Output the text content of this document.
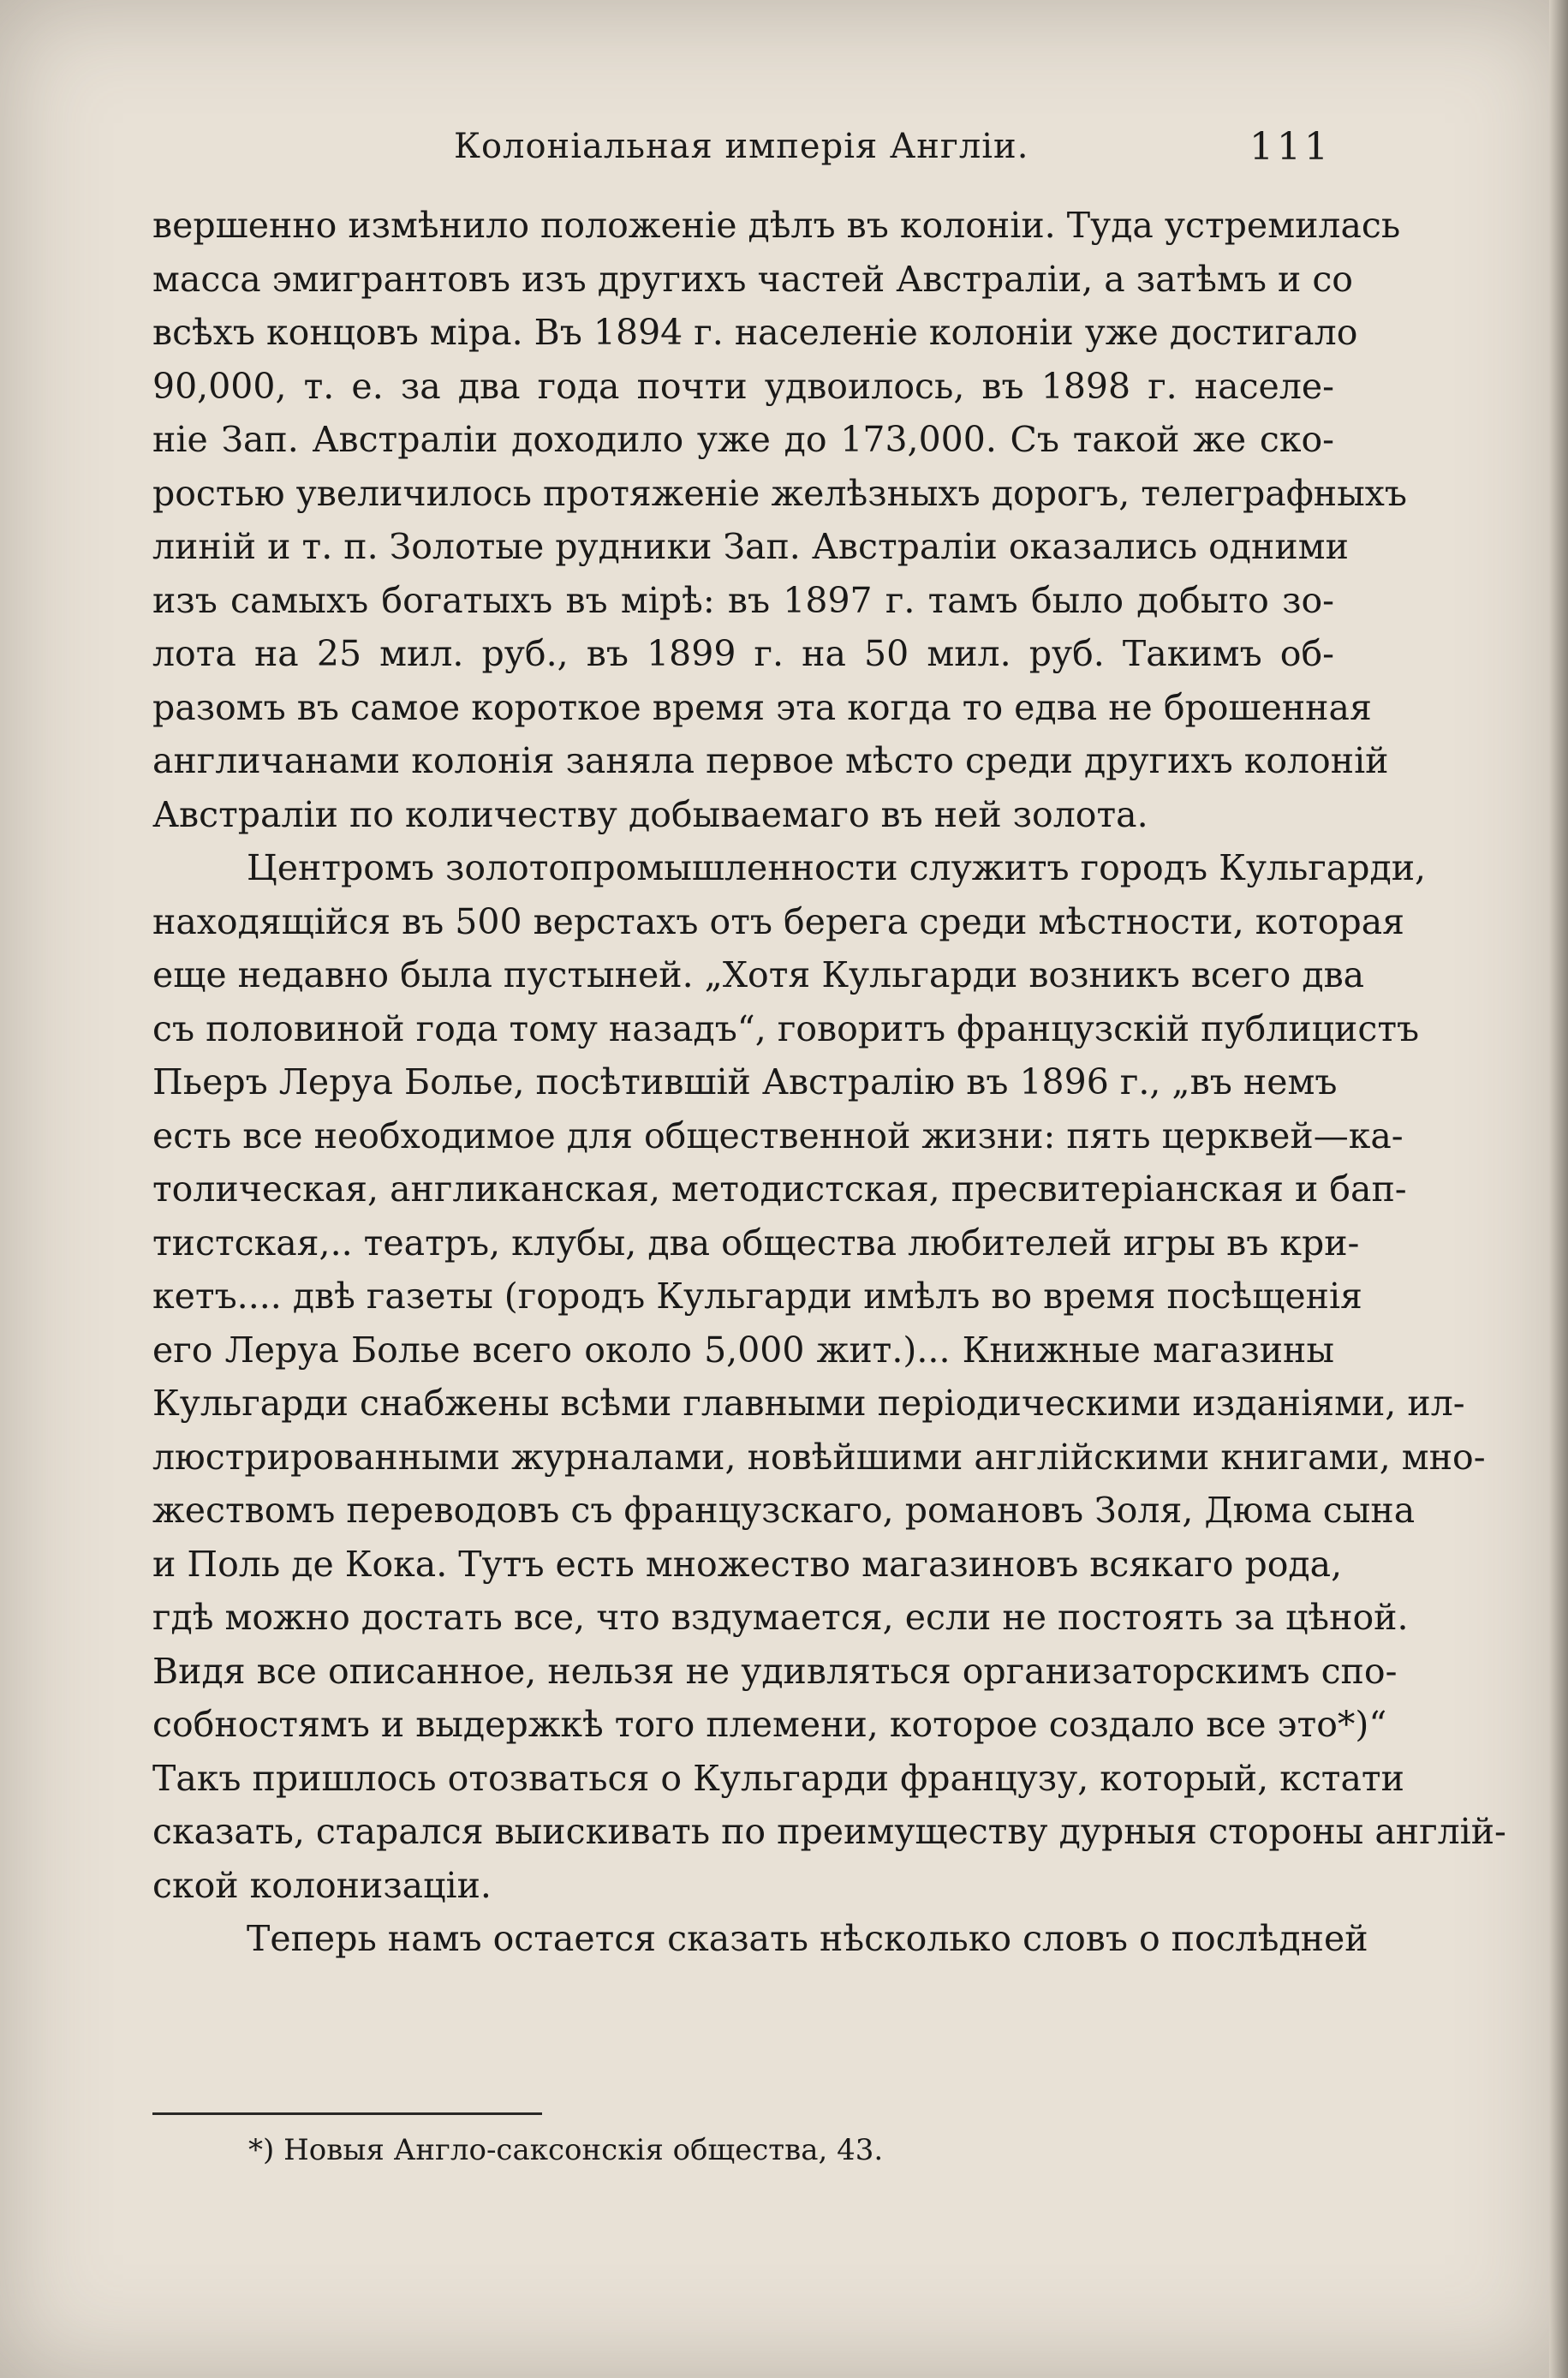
Колоніальная имперія Англіи.	111

вершенно измѣнило положеніе дѣлъ въ колоніи. Туда устремилась
масса эмигрантовъ изъ другихъ частей Австраліи, а затѣмъ и со
всѣхъ концовъ міра. Въ 1894 г. населеніе колоніи уже достигало
90,000, т. е. за два года почти удвоилось, въ 1898 г. населе-
ніе Зап. Австраліи доходило уже до 173,000. Съ такой же ско-
ростью увеличилось протяженіе желѣзныхъ дорогъ, телеграфныхъ
линій и т. п. Золотые рудники Зап. Австраліи оказались одними
изъ самыхъ богатыхъ въ мірѣ: въ 1897 г. тамъ было добыто зо-
лота на 25 мил. руб., въ 1899 г. на 50 мил. руб. Такимъ об-
разомъ въ самое короткое время эта когда то едва не брошенная
англичанами колонія заняла первое мѣсто среди другихъ колоній
Австраліи по количеству добываемаго въ ней золота.

Центромъ золотопромышленности служитъ городъ Кульгарди,
находящійся въ 500 верстахъ отъ берега среди мѣстности, которая
еще недавно была пустыней. „Хотя Кульгарди возникъ всего два
съ половиной года тому назадъ“, говоритъ французскій публицистъ
Пьеръ Леруа Болье, посѣтившій Австралію въ 1896 г., „въ немъ
есть все необходимое для общественной жизни: пять церквей—ка-
толическая, англиканская, методистская, пресвитеріанская и бап-
тистская,.. театръ, клубы, два общества любителей игры въ кри-
кетъ.... двѣ газеты (городъ Кульгарди имѣлъ во время посѣщенія
его Леруа Болье всего около 5,000 жит.)... Книжные магазины
Кульгарди снабжены всѣми главными періодическими изданіями, ил-
люстрированными журналами, новѣйшими англійскими книгами, мно-
жествомъ переводовъ съ французскаго, романовъ Золя, Дюма сына
и Поль де Кока. Тутъ есть множество магазиновъ всякаго рода,
гдѣ можно достать все, что вздумается, если не постоять за цѣной.
Видя все описанное, нельзя не удивляться организаторскимъ спо-
собностямъ и выдержкѣ того племени, которое создало все это*)“
Такъ пришлось отозваться о Кульгарди французу, который, кстати
сказать, старался выискивать по преимуществу дурныя стороны англій-
ской колонизаціи.

Теперь намъ остается сказать нѣсколько словъ о послѣдней

*) Новыя Англо-саксонскія общества, 43.
